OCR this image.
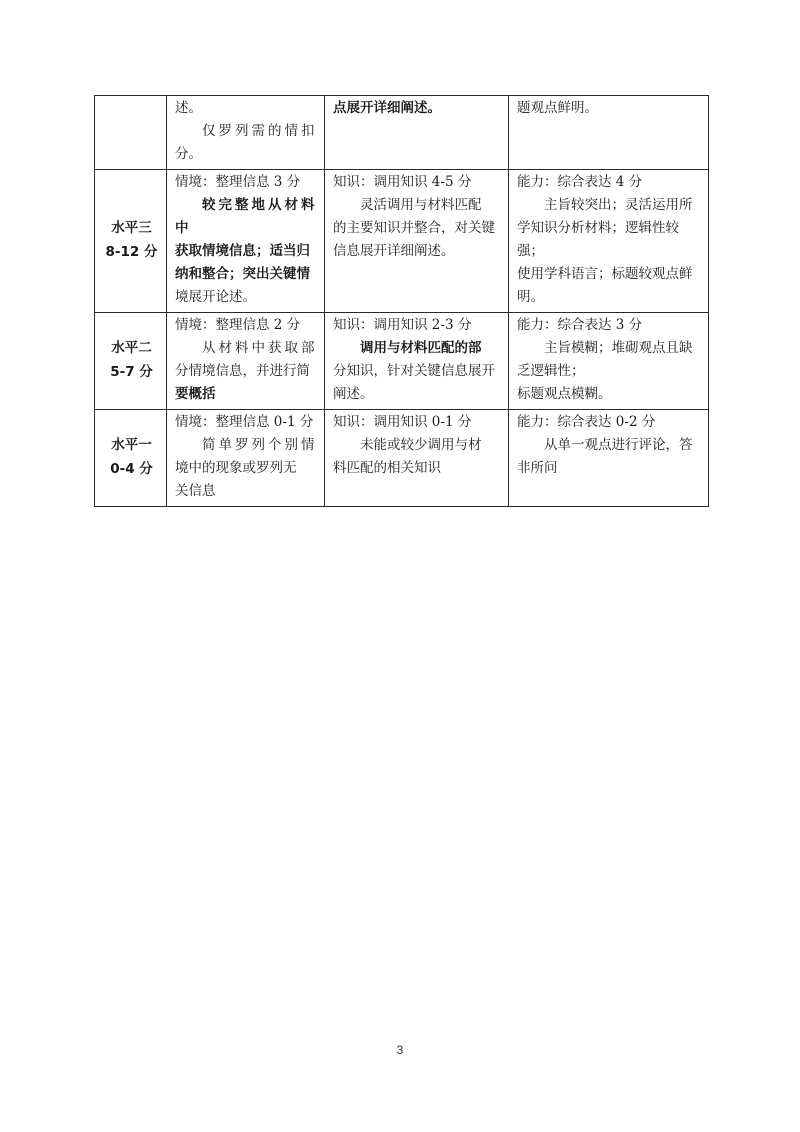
	述。
仅罗列需的情扣
分。	点展开详细阐述。	题观点鲜明。

水平三
8-12 分	情境：整理信息 3 分
较完整地从材料中
获取情境信息；适当归
纳和整合；突出关键情
境展开论述。	知识：调用知识 4-5 分
灵活调用与材料匹配
的主要知识并整合，对关键
信息展开详细阐述。	能力：综合表达 4 分
主旨较突出；灵活运用所
学知识分析材料；逻辑性较强；
使用学科语言；标题较观点鲜
明。

水平二
5-7 分	情境：整理信息 2 分
从材料中获取部
分情境信息，并进行简
要概括	知识：调用知识 2-3 分
调用与材料匹配的部
分知识，针对关键信息展开
阐述。	能力：综合表达 3 分
主旨模糊；堆砌观点且缺
乏逻辑性；
标题观点模糊。

水平一
0-4 分	情境：整理信息 0-1 分
简单罗列个别情
境中的现象或罗列无
关信息	知识：调用知识 0-1 分
未能或较少调用与材
料匹配的相关知识	能力：综合表达 0-2 分
从单一观点进行评论，答
非所问
3
